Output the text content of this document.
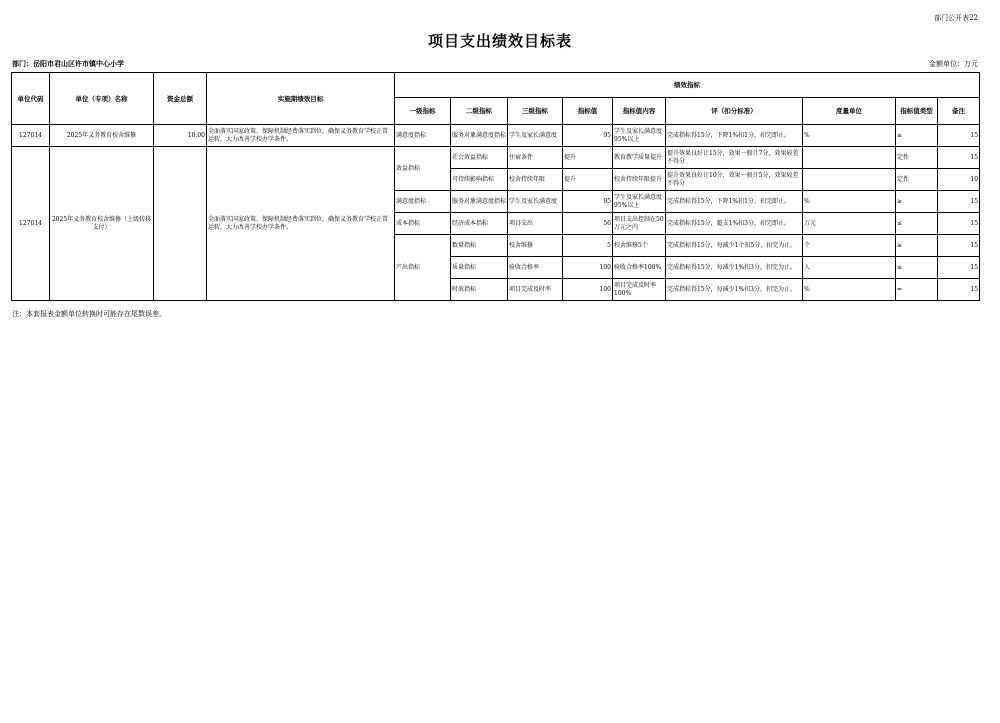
部门公开表22
项目支出绩效目标表
部门：岳阳市君山区许市镇中心小学	金额单位：万元
单位代码	单位（专项）名称	资金总额	实施期绩效目标	绩效指标								
				一级指标	二级指标	三级指标	指标值	指标值内容	评（扣分标准）	度量单位	指标值类型	备注
127014	2025年义务教育校舍维修	10.00	全面落实国家政策，保障机制经费落实到位，确保义务教育学校正常运转，大力改善学校办学条件。	满意度指标	服务对象满意度指标	学生及家长满意度	95	学生及家长满意度95%以上	完成指标得15分，下降1%扣1分，扣完即止。	%	≥	15
127014	2025年义务教育校舍维修（上级转移支付）		全面落实国家政策，保障机制经费落实到位，确保义务教育学校正常运转，大力改善学校办学条件。	效益指标	社会效益指标	住宿条件	提升	教育教学质量提升	提升效果良好计15分，效果一般计7分，效果较差不得分		定性	15
					可持续影响指标	校舍持续年限	提升	校舍持续年限提升	提升效果良好计10分，效果一般计5分，效果较差不得分		定性	10
				满意度指标	服务对象满意度指标	学生及家长满意度	95	学生及家长满意度95%以上	完成指标得15分，下降1%扣1分，扣完即止。	%	≥	15
				成本指标	经济成本指标	项目支出	56	项目支出控制在50万元之内	完成指标得15分，超支1%扣3分，扣完即止。	万元	≤	15
				产出指标	数量指标	校舍维修	5	校舍维修5个	完成指标得15分，每减少1个扣5分，扣完为止。	个	≥	15
					质量指标	验收合格率	100	验收合格率100%	完成指标得15分，每减少1%扣3分，扣完为止。	人	≤	15
					时效指标	项目完成及时率	100	项目完成及时率100%	完成指标得15分，每减少1%扣3分，扣完为止。	%	=	15
注：本套报表金额单位转换时可能存在尾数误差。
